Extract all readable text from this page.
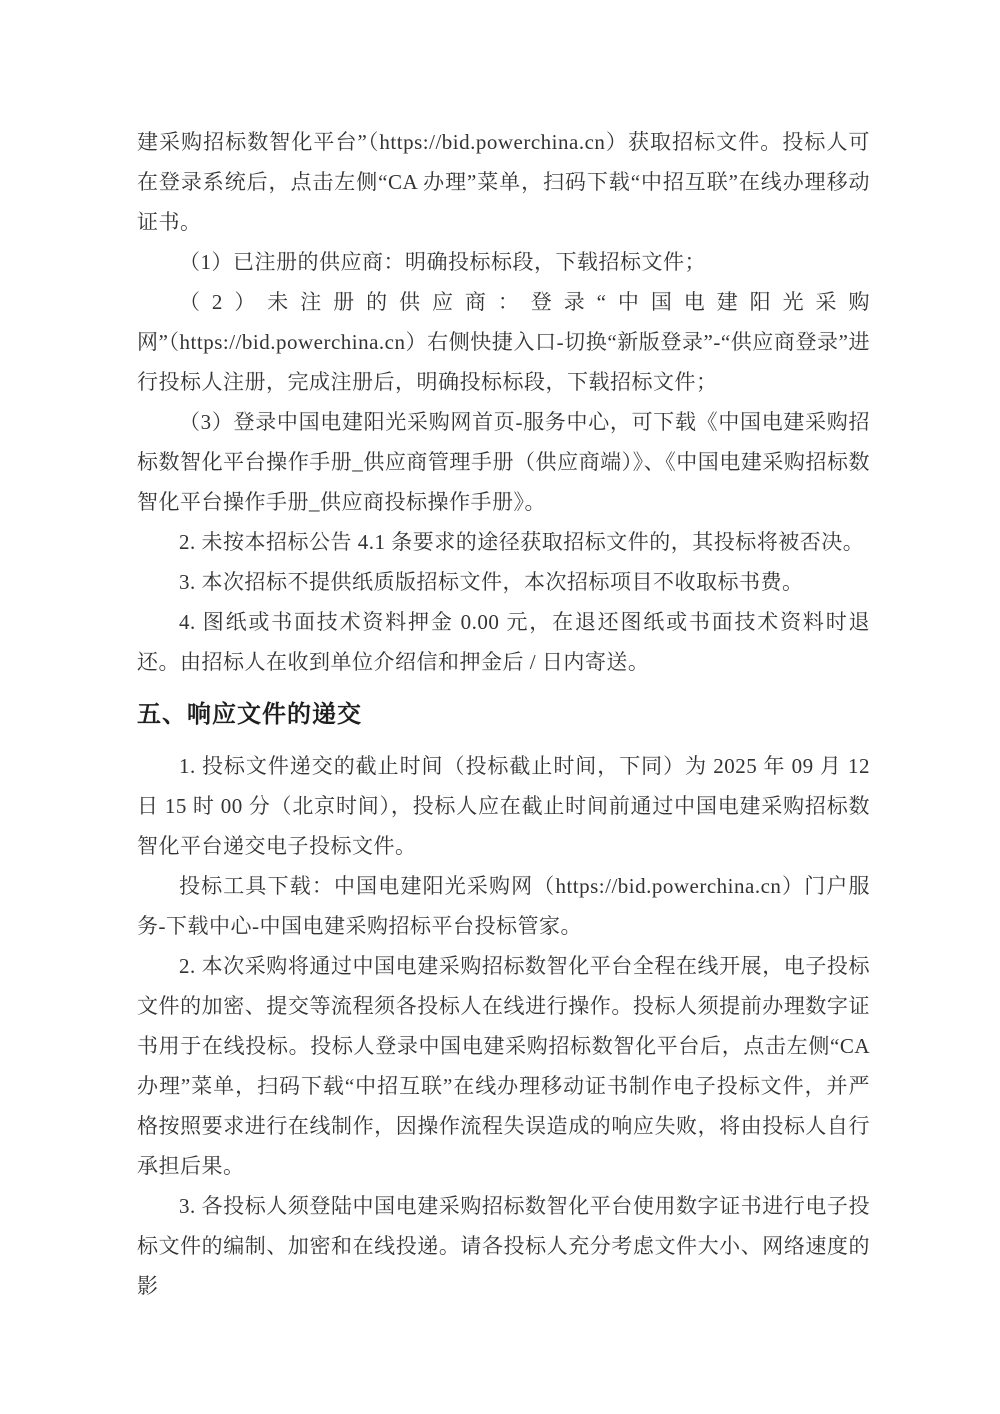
建采购招标数智化平台”（https://bid.powerchina.cn）获取招标文件。投标人可在登录系统后，点击左侧“CA 办理”菜单，扫码下载“中招互联”在线办理移动证书。

（1）已注册的供应商：明确投标标段，下载招标文件；

（2）未注册的供应商：登录“中国电建阳光采购网”（https://bid.powerchina.cn）右侧快捷入口-切换“新版登录”-“供应商登录”进行投标人注册，完成注册后，明确投标标段，下载招标文件；

（3）登录中国电建阳光采购网首页-服务中心，可下载《中国电建采购招标数智化平台操作手册_供应商管理手册（供应商端）》、《中国电建采购招标数智化平台操作手册_供应商投标操作手册》。

2. 未按本招标公告 4.1 条要求的途径获取招标文件的，其投标将被否决。

3. 本次招标不提供纸质版招标文件，本次招标项目不收取标书费。

4. 图纸或书面技术资料押金 0.00 元，在退还图纸或书面技术资料时退还。由招标人在收到单位介绍信和押金后 / 日内寄送。

五、响应文件的递交

1. 投标文件递交的截止时间（投标截止时间，下同）为 2025 年 09 月 12 日 15 时 00 分（北京时间），投标人应在截止时间前通过中国电建采购招标数智化平台递交电子投标文件。

投标工具下载：中国电建阳光采购网（https://bid.powerchina.cn）门户服务-下载中心-中国电建采购招标平台投标管家。

2. 本次采购将通过中国电建采购招标数智化平台全程在线开展，电子投标文件的加密、提交等流程须各投标人在线进行操作。投标人须提前办理数字证书用于在线投标。投标人登录中国电建采购招标数智化平台后，点击左侧“CA 办理”菜单，扫码下载“中招互联”在线办理移动证书制作电子投标文件，并严格按照要求进行在线制作，因操作流程失误造成的响应失败，将由投标人自行承担后果。

3. 各投标人须登陆中国电建采购招标数智化平台使用数字证书进行电子投标文件的编制、加密和在线投递。请各投标人充分考虑文件大小、网络速度的影
